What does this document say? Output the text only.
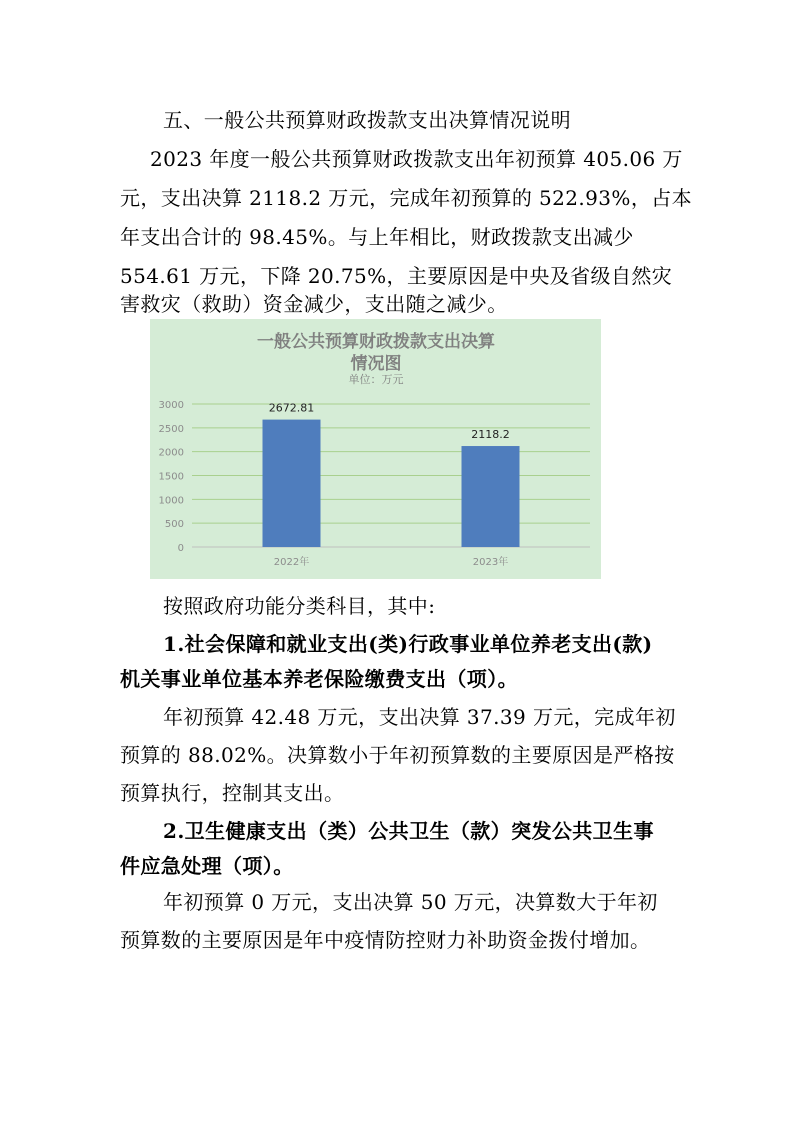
五、一般公共预算财政拨款支出决算情况说明
2023 年度一般公共预算财政拨款支出年初预算 405.06 万
元，支出决算 2118.2 万元，完成年初预算的 522.93%，占本
年支出合计的 98.45%。与上年相比，财政拨款支出减少
554.61 万元，下降 20.75%，主要原因是中央及省级自然灾
害救灾（救助）资金减少，支出随之减少。
一般公共预算财政拨款支出决算
情况图
单位：万元
0
500
1000
1500
2000
2500
3000	2672.81
2022年
2118.2
2023年
按照政府功能分类科目，其中:
1.社会保障和就业支出(类)行政事业单位养老支出(款)
机关事业单位基本养老保险缴费支出（项）。
年初预算 42.48 万元，支出决算 37.39 万元，完成年初
预算的 88.02%。决算数小于年初预算数的主要原因是严格按
预算执行，控制其支出。
2.卫生健康支出（类）公共卫生（款）突发公共卫生事
件应急处理（项）。
年初预算 0 万元，支出决算 50 万元，决算数大于年初
预算数的主要原因是年中疫情防控财力补助资金拨付增加。
